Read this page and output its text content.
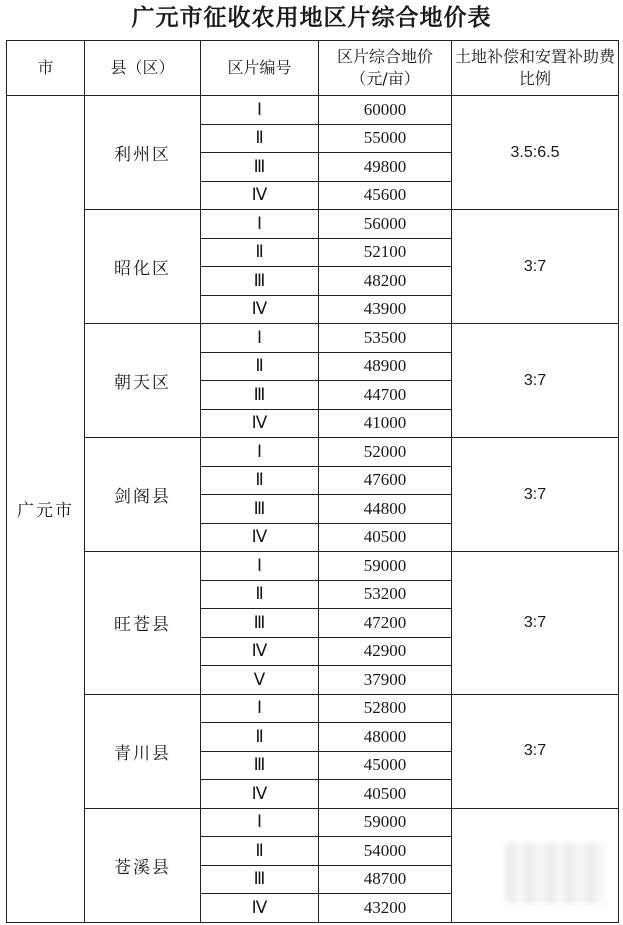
广元市征收农用地区片综合地价表
市	县（区）	区片编号	区片综合地价（元/亩）	土地补偿和安置补助费比例
广元市	利州区	Ⅰ	60000	3.5:6.5
		Ⅱ	55000	
		Ⅲ	49800	
		Ⅳ	45600	
	昭化区	Ⅰ	56000	3:7
		Ⅱ	52100	
		Ⅲ	48200	
		Ⅳ	43900	
	朝天区	Ⅰ	53500	3:7
		Ⅱ	48900	
		Ⅲ	44700	
		Ⅳ	41000	
	剑阁县	Ⅰ	52000	3:7
		Ⅱ	47600	
		Ⅲ	44800	
		Ⅳ	40500	
	旺苍县	Ⅰ	59000	3:7
		Ⅱ	53200	
		Ⅲ	47200	
		Ⅳ	42900	
		Ⅴ	37900	
	青川县	Ⅰ	52800	3:7
		Ⅱ	48000	
		Ⅲ	45000	
		Ⅳ	40500	
	苍溪县	Ⅰ	59000	
		Ⅱ	54000	
		Ⅲ	48700	
		Ⅳ	43200	
